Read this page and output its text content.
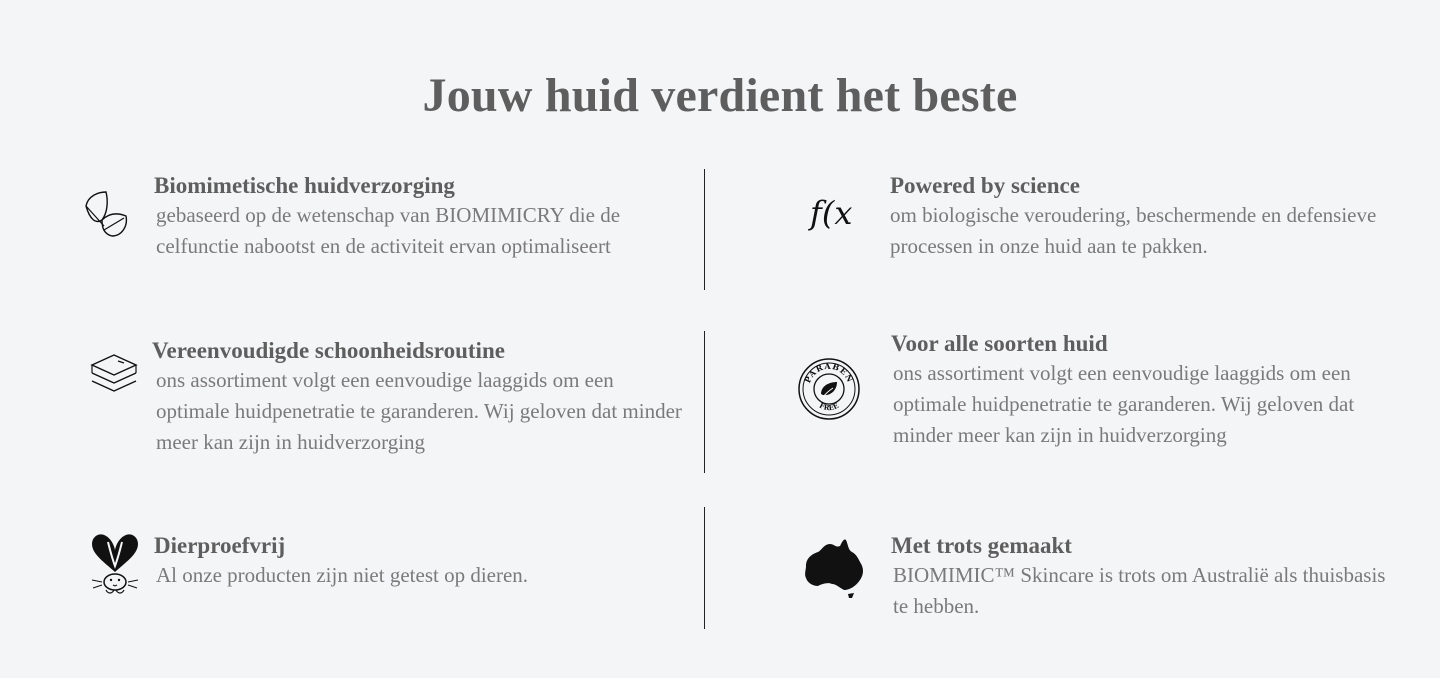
Jouw huid verdient het beste
Biomimetische huidverzorging

gebaseerd op de wetenschap van BIOMIMICRY die de celfunctie nabootst en de activiteit ervan optimaliseert

f(x
Powered by science

om biologische veroudering, beschermende en defensieve processen in onze huid aan te pakken.

Vereenvoudigde schoonheidsroutine

ons assortiment volgt een eenvoudige laaggids om een optimale huidpenetratie te garanderen. Wij geloven dat minder meer kan zijn in huidverzorging

PARABEN
FREE
Voor alle soorten huid

ons assortiment volgt een eenvoudige laaggids om een optimale huidpenetratie te garanderen. Wij geloven dat minder meer kan zijn in huidverzorging

Dierproefvrij

Al onze producten zijn niet getest op dieren.

Met trots gemaakt

BIOMIMIC™ Skincare is trots om Australië als thuisbasis te hebben.
